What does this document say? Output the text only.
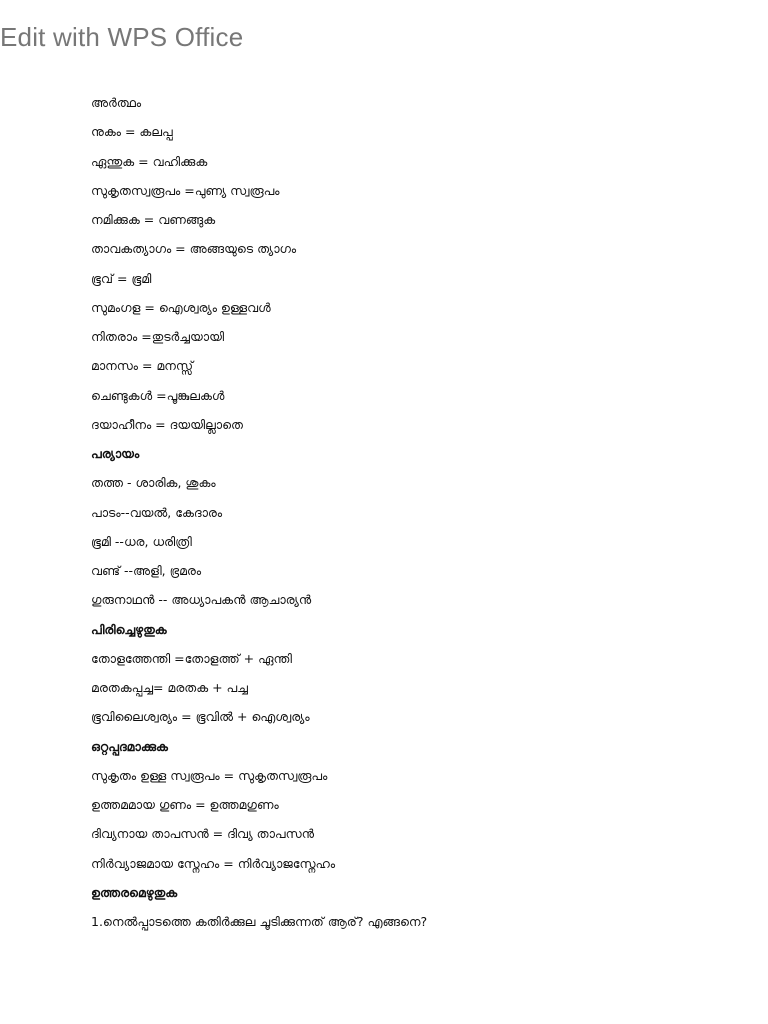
Edit with WPS Office
അർത്ഥം
നുകം = കലപ്പ
ഏന്തുക = വഹിക്കുക
സുകൃതസ്വരൂപം =പുണ്യ സ്വരൂപം
നമിക്കുക = വണങ്ങുക
താവകത്യാഗം = അങ്ങയുടെ ത്യാഗം
ഭൂവ് = ഭൂമി
സുമംഗള = ഐശ്വര്യം ഉള്ളവൾ
നിതരാം =തുടർച്ചയായി
മാനസം = മനസ്സ്
ചെണ്ടുകൾ =പൂങ്കുലകൾ
ദയാഹീനം = ദയയില്ലാതെ
പര്യായം
തത്ത - ശാരിക, ശുകം
പാടം--വയൽ, കേദാരം
ഭൂമി --ധര, ധരിത്രി
വണ്ട് --അളി, ഭ്രമരം
ഗുരുനാഥൻ -- അധ്യാപകൻ ആചാര്യൻ
പിരിച്ചെഴുതുക
തോളത്തേന്തി =തോളത്ത് + ഏന്തി
മരതകപ്പച്ച= മരതക + പച്ച
ഭൂവിലൈശ്വര്യം = ഭൂവിൽ + ഐശ്വര്യം
ഒറ്റപ്പദമാക്കുക
സുകൃതം ഉള്ള സ്വരൂപം = സുകൃതസ്വരൂപം
ഉത്തമമായ ഗുണം = ഉത്തമഗുണം
ദിവ്യനായ താപസൻ = ദിവ്യ താപസൻ
നിർവ്യാജമായ സ്നേഹം = നിർവ്യാജസ്നേഹം
ഉത്തരമെഴുതുക
1.നെൽപ്പാടത്തെ കതിർക്കുല ചൂടിക്കുന്നത് ആര്? എങ്ങനെ?
